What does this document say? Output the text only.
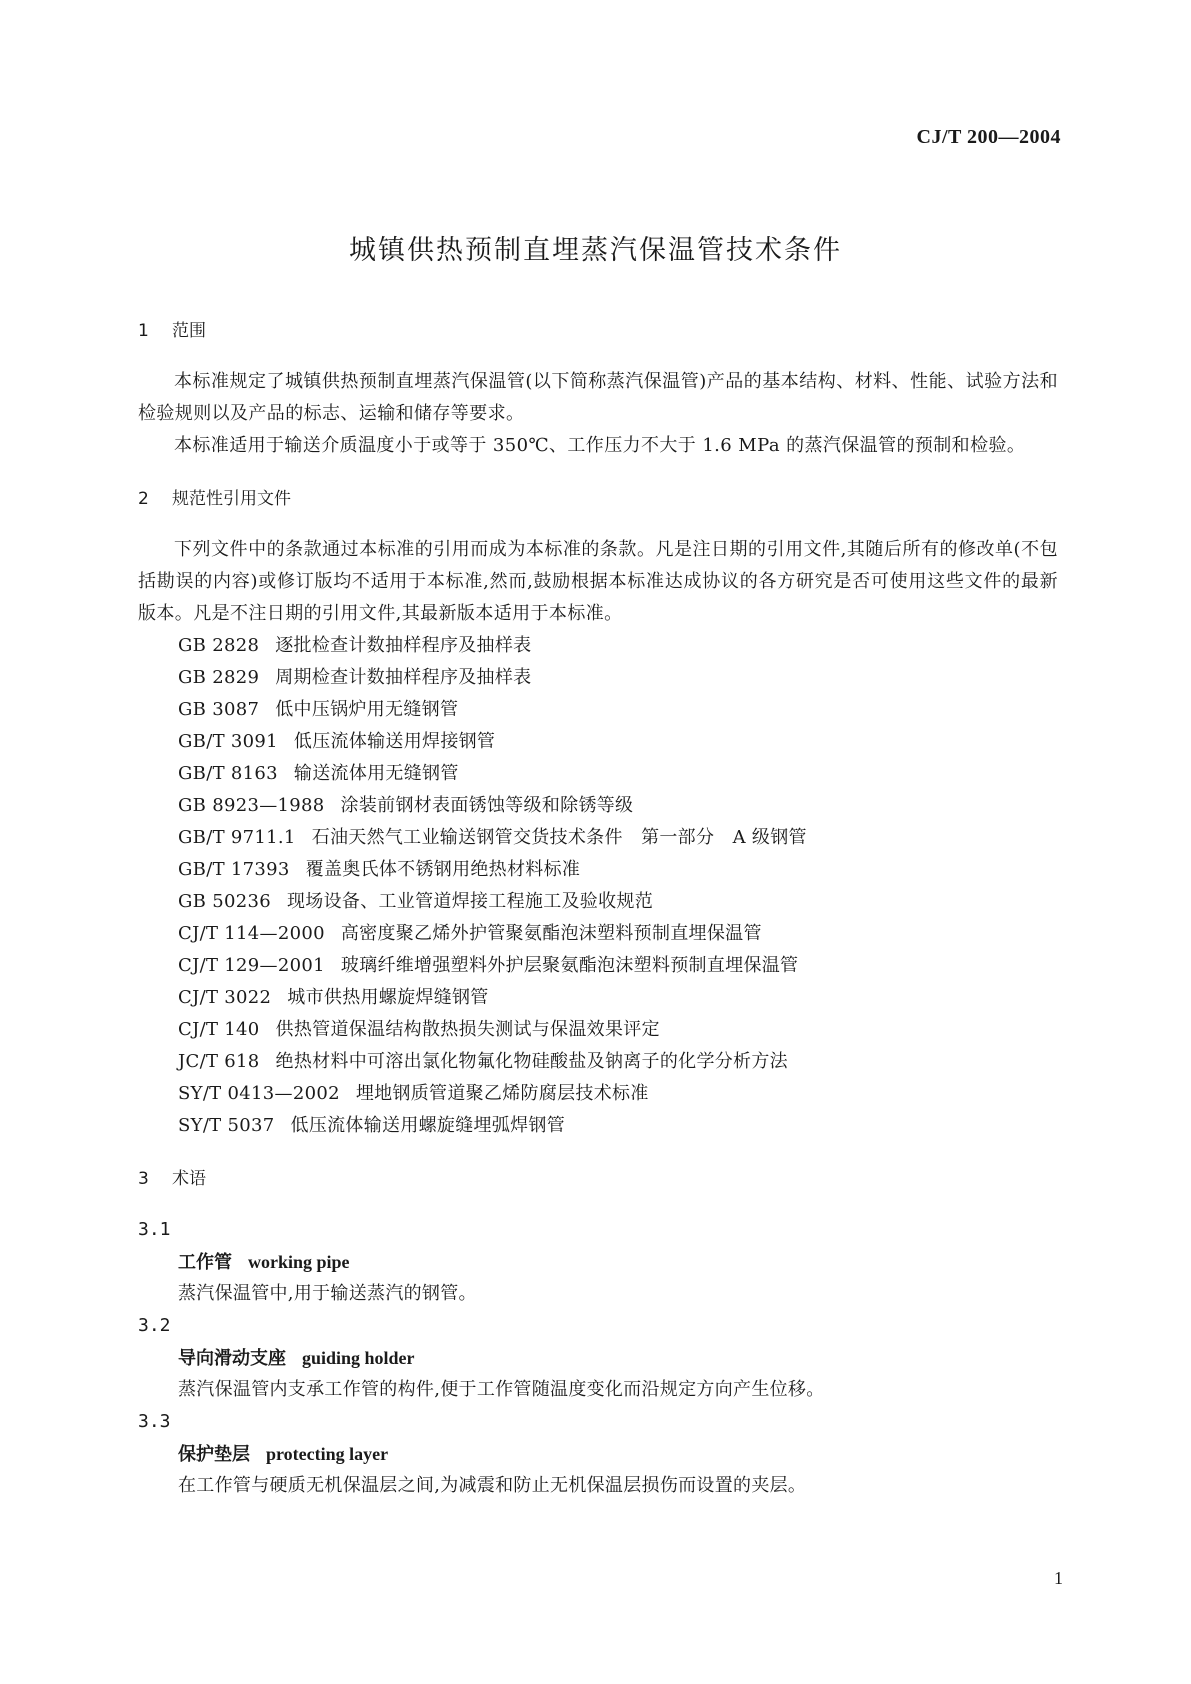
CJ/T 200—2004
城镇供热预制直埋蒸汽保温管技术条件
1 范围

本标准规定了城镇供热预制直埋蒸汽保温管(以下简称蒸汽保温管)产品的基本结构、材料、性能、试验方法和检验规则以及产品的标志、运输和储存等要求。

本标准适用于输送介质温度小于或等于 350℃、工作压力不大于 1.6 MPa 的蒸汽保温管的预制和检验。

2 规范性引用文件

下列文件中的条款通过本标准的引用而成为本标准的条款。凡是注日期的引用文件,其随后所有的修改单(不包括勘误的内容)或修订版均不适用于本标准,然而,鼓励根据本标准达成协议的各方研究是否可使用这些文件的最新版本。凡是不注日期的引用文件,其最新版本适用于本标准。

GB 2828 逐批检查计数抽样程序及抽样表
GB 2829 周期检查计数抽样程序及抽样表
GB 3087 低中压锅炉用无缝钢管
GB/T 3091 低压流体输送用焊接钢管
GB/T 8163 输送流体用无缝钢管
GB 8923—1988 涂装前钢材表面锈蚀等级和除锈等级
GB/T 9711.1 石油天然气工业输送钢管交货技术条件　第一部分　A 级钢管
GB/T 17393 覆盖奥氏体不锈钢用绝热材料标准
GB 50236 现场设备、工业管道焊接工程施工及验收规范
CJ/T 114—2000 高密度聚乙烯外护管聚氨酯泡沫塑料预制直埋保温管
CJ/T 129—2001 玻璃纤维增强塑料外护层聚氨酯泡沫塑料预制直埋保温管
CJ/T 3022 城市供热用螺旋焊缝钢管
CJ/T 140 供热管道保温结构散热损失测试与保温效果评定
JC/T 618 绝热材料中可溶出氯化物氟化物硅酸盐及钠离子的化学分析方法
SY/T 0413—2002 埋地钢质管道聚乙烯防腐层技术标准
SY/T 5037 低压流体输送用螺旋缝埋弧焊钢管
3 术语
3.1
工作管 working pipe
蒸汽保温管中,用于输送蒸汽的钢管。
3.2
导向滑动支座 guiding holder
蒸汽保温管内支承工作管的构件,便于工作管随温度变化而沿规定方向产生位移。
3.3
保护垫层 protecting layer
在工作管与硬质无机保温层之间,为减震和防止无机保温层损伤而设置的夹层。
1
